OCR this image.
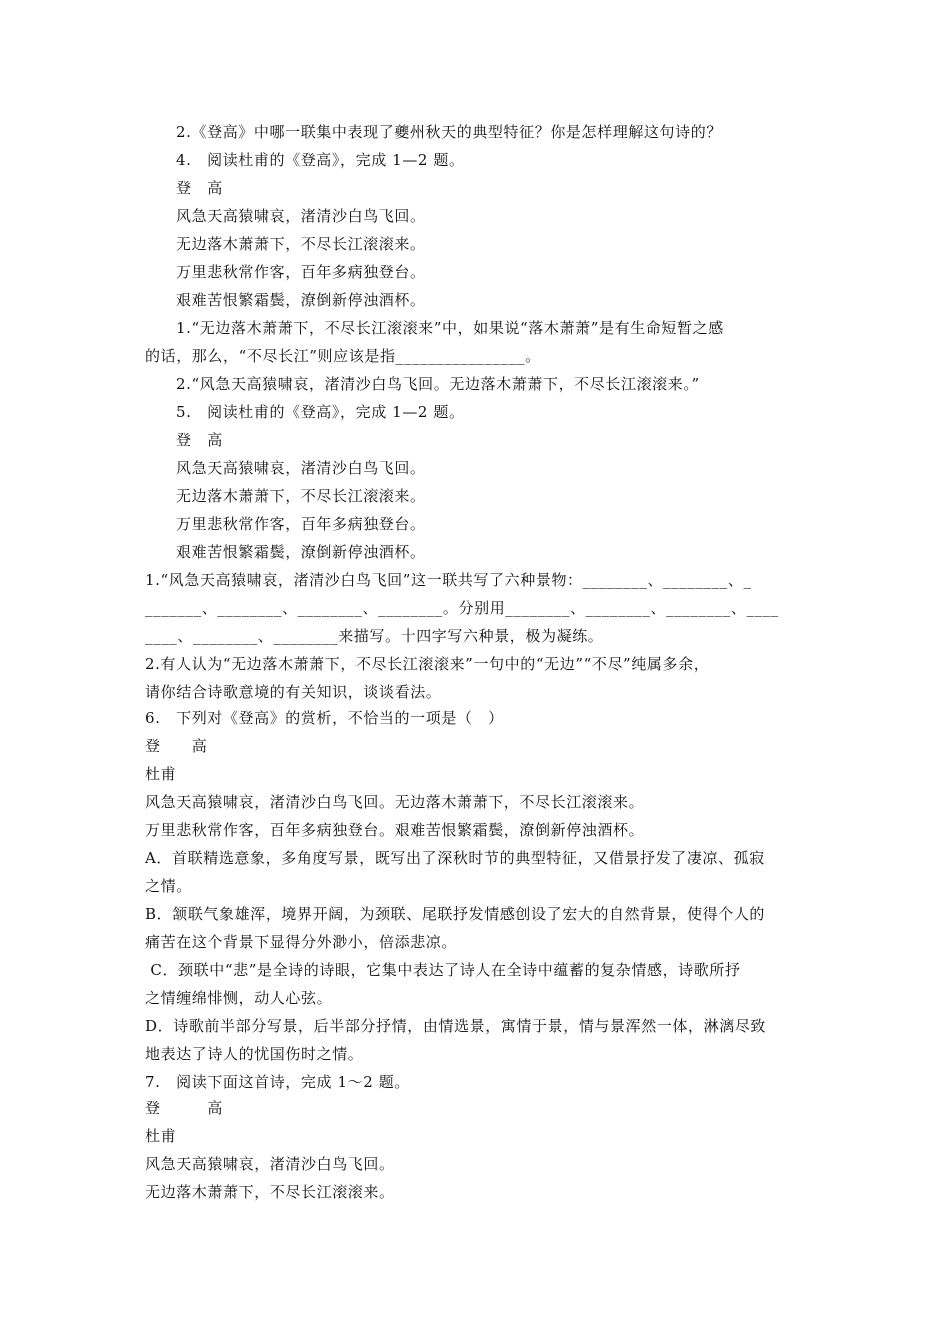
2.《登高》中哪一联集中表现了夔州秋天的典型特征？你是怎样理解这句诗的？
4.　阅读杜甫的《登高》，完成 1—2 题。
登　高
风急天高猿啸哀，渚清沙白鸟飞回。
无边落木萧萧下，不尽长江滚滚来。
万里悲秋常作客，百年多病独登台。
艰难苦恨繁霜鬓，潦倒新停浊酒杯。
1.“无边落木萧萧下，不尽长江滚滚来”中，如果说“落木萧萧”是有生命短暂之感
的话，那么，“不尽长江”则应该是指________________。
2.“风急天高猿啸哀，渚清沙白鸟飞回。无边落木萧萧下，不尽长江滚滚来。”
5.　阅读杜甫的《登高》，完成 1—2 题。
登　高
风急天高猿啸哀，渚清沙白鸟飞回。
无边落木萧萧下，不尽长江滚滚来。
万里悲秋常作客，百年多病独登台。
艰难苦恨繁霜鬓，潦倒新停浊酒杯。
1.“风急天高猿啸哀，渚清沙白鸟飞回”这一联共写了六种景物：________、________、_
_______、________、________、________。分别用________、________、________、____
____、________、________来描写。十四字写六种景，极为凝练。
2.有人认为“无边落木萧萧下，不尽长江滚滚来”一句中的“无边”“不尽”纯属多余，
请你结合诗歌意境的有关知识，谈谈看法。
6.　下列对《登高》的赏析，不恰当的一项是（　）
登　　高
杜甫
风急天高猿啸哀，渚清沙白鸟飞回。无边落木萧萧下，不尽长江滚滚来。
万里悲秋常作客，百年多病独登台。艰难苦恨繁霜鬓，潦倒新停浊酒杯。
A．首联精选意象，多角度写景，既写出了深秋时节的典型特征，又借景抒发了凄凉、孤寂
之情。
B．颔联气象雄浑，境界开阔，为颈联、尾联抒发情感创设了宏大的自然背景，使得个人的
痛苦在这个背景下显得分外渺小，倍添悲凉。
C．颈联中“悲”是全诗的诗眼，它集中表达了诗人在全诗中蕴蓄的复杂情感，诗歌所抒
之情缠绵悱恻，动人心弦。
D．诗歌前半部分写景，后半部分抒情，由情选景，寓情于景，情与景浑然一体，淋漓尽致
地表达了诗人的忧国伤时之情。
7.　阅读下面这首诗，完成 1～2 题。
登　　　高
杜甫
风急天高猿啸哀，渚清沙白鸟飞回。
无边落木萧萧下，不尽长江滚滚来。
